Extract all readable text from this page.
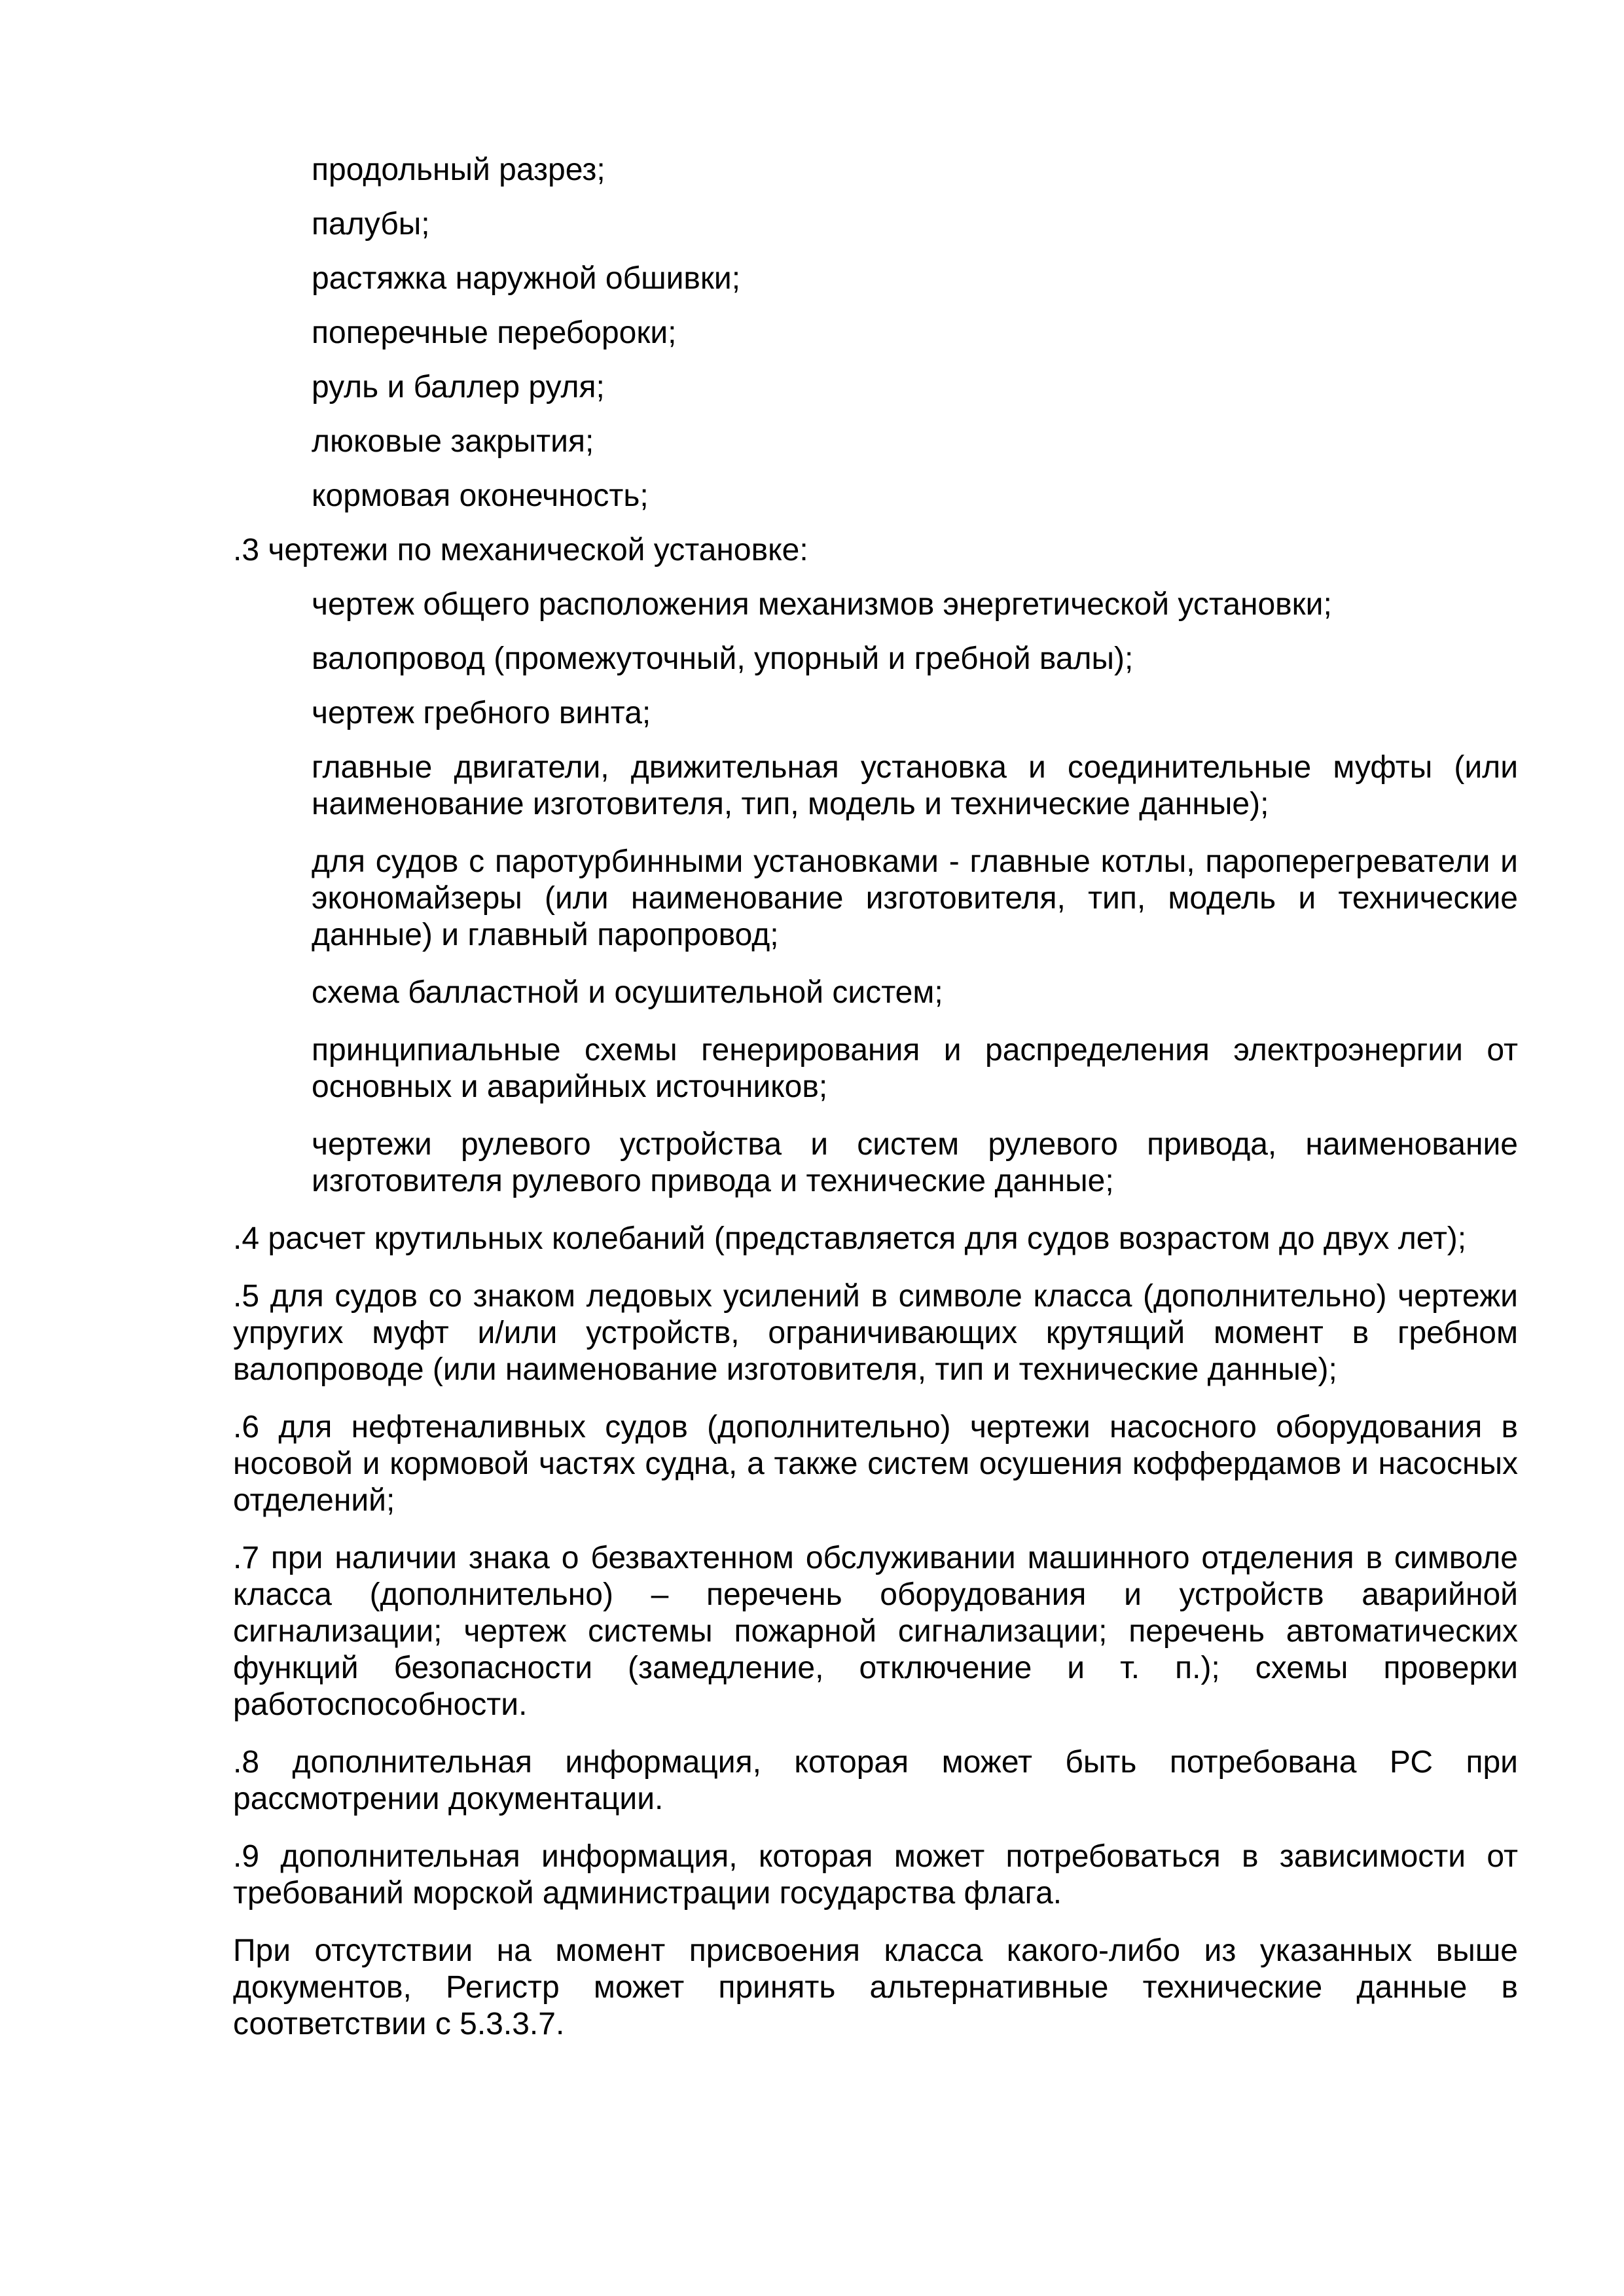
продольный разрез;

палубы;

растяжка наружной обшивки;

поперечные перебороки;

руль и баллер руля;

люковые закрытия;

кормовая оконечность;

.3 чертежи по механической установке:

чертеж общего расположения механизмов энергетической установки;

валопровод (промежуточный, упорный и гребной валы);

чертеж гребного винта;

главные двигатели, движительная установка и соединительные муфты (или наименование изготовителя, тип, модель и технические данные);

для судов с паротурбинными установками - главные котлы, пароперегреватели и экономайзеры (или наименование изготовителя, тип, модель и технические данные) и главный паропровод;

схема балластной и осушительной систем;

принципиальные схемы генерирования и распределения электроэнергии от основных и аварийных источников;

чертежи рулевого устройства и систем рулевого привода, наименование изготовителя рулевого привода и технические данные;

.4 расчет крутильных колебаний (представляется для судов возрастом до двух лет);

.5 для судов со знаком ледовых усилений в символе класса (дополнительно) чертежи упругих муфт и/или устройств, ограничивающих крутящий момент в гребном валопроводе (или наименование изготовителя, тип и технические данные);

.6 для нефтеналивных судов (дополнительно) чертежи насосного оборудования в носовой и кормовой частях судна, а также систем осушения коффердамов и насосных отделений;

.7 при наличии знака о безвахтенном обслуживании машинного отделения в символе класса (дополнительно) – перечень оборудования и устройств аварийной сигнализации; чертеж системы пожарной сигнализации; перечень автоматических функций безопасности (замедление, отключение и т. п.); схемы проверки работоспособности.

.8 дополнительная информация, которая может быть потребована РС при рассмотрении документации.

.9 дополнительная информация, которая может потребоваться в зависимости от требований морской администрации государства флага.

При отсутствии на момент присвоения класса какого-либо из указанных выше документов, Регистр может принять альтернативные технические данные в соответствии с 5.3.3.7.
